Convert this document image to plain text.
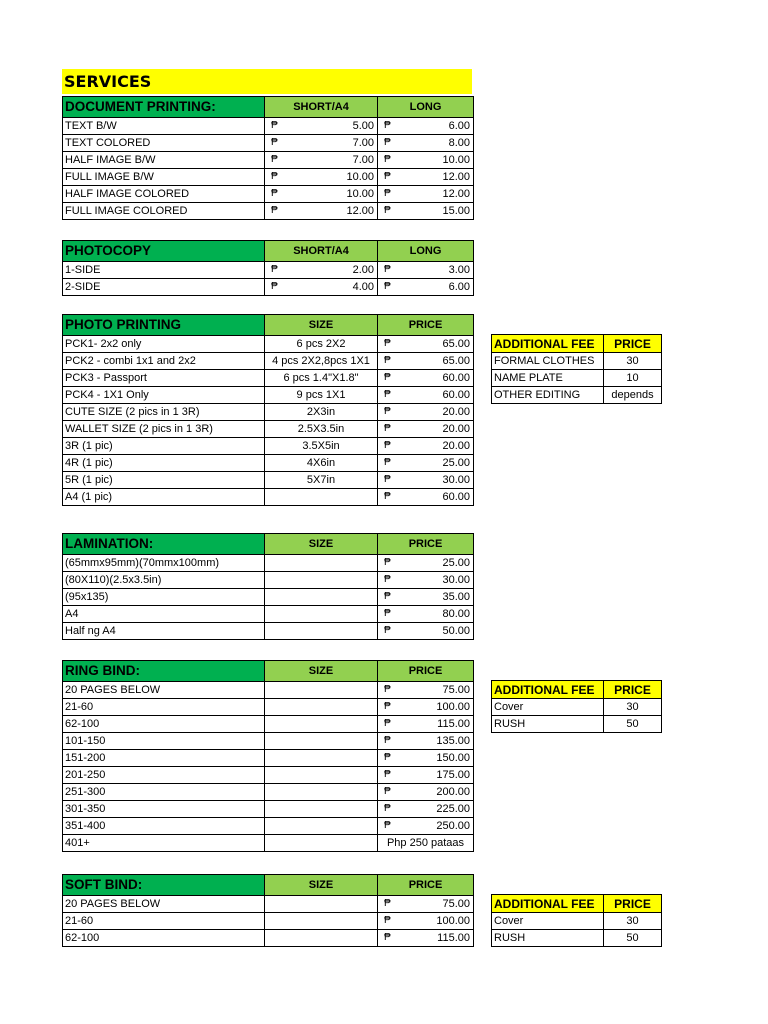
SERVICES
DOCUMENT PRINTING:	SHORT/A4	LONG
TEXT B/W	₱ 5.00	₱ 6.00

TEXT COLORED	₱ 7.00	₱ 8.00

HALF IMAGE B/W	₱ 7.00	₱ 10.00

FULL IMAGE B/W	₱ 10.00	₱ 12.00

HALF IMAGE COLORED	₱ 10.00	₱ 12.00

FULL IMAGE COLORED	₱ 12.00	₱ 15.00
PHOTOCOPY	SHORT/A4	LONG
1-SIDE	₱ 2.00	₱ 3.00

2-SIDE	₱ 4.00	₱ 6.00
PHOTO PRINTING	SIZE	PRICE
PCK1- 2x2 only	6 pcs 2X2	₱ 65.00

PCK2 - combi 1x1 and 2x2	4 pcs 2X2,8pcs 1X1	₱ 65.00

PCK3 - Passport	6 pcs 1.4"X1.8"	₱ 60.00

PCK4 - 1X1 Only	9 pcs 1X1	₱ 60.00

CUTE SIZE (2 pics in 1 3R)	2X3in	₱ 20.00

WALLET SIZE (2 pics in 1 3R)	2.5X3.5in	₱ 20.00

3R (1 pic)	3.5X5in	₱ 20.00

4R (1 pic)	4X6in	₱ 25.00

5R (1 pic)	5X7in	₱ 30.00

A4 (1 pic)		₱ 60.00
LAMINATION:	SIZE	PRICE
(65mmx95mm)(70mmx100mm)		₱ 25.00

(80X110)(2.5x3.5in)		₱ 30.00

(95x135)		₱ 35.00

A4		₱ 80.00

Half ng A4		₱ 50.00
RING BIND:	SIZE	PRICE
20 PAGES BELOW		₱ 75.00

21-60		₱ 100.00

62-100		₱ 115.00

101-150		₱ 135.00

151-200		₱ 150.00

201-250		₱ 175.00

251-300		₱ 200.00

301-350		₱ 225.00

351-400		₱ 250.00

401+		Php 250 pataas
SOFT BIND:	SIZE	PRICE
20 PAGES BELOW		₱ 75.00

21-60		₱ 100.00

62-100		₱ 115.00
ADDITIONAL FEE	PRICE
FORMAL CLOTHES	30
NAME PLATE	10
OTHER EDITING	depends
ADDITIONAL FEE	PRICE
Cover	30
RUSH	50
ADDITIONAL FEE	PRICE
Cover	30
RUSH	50
